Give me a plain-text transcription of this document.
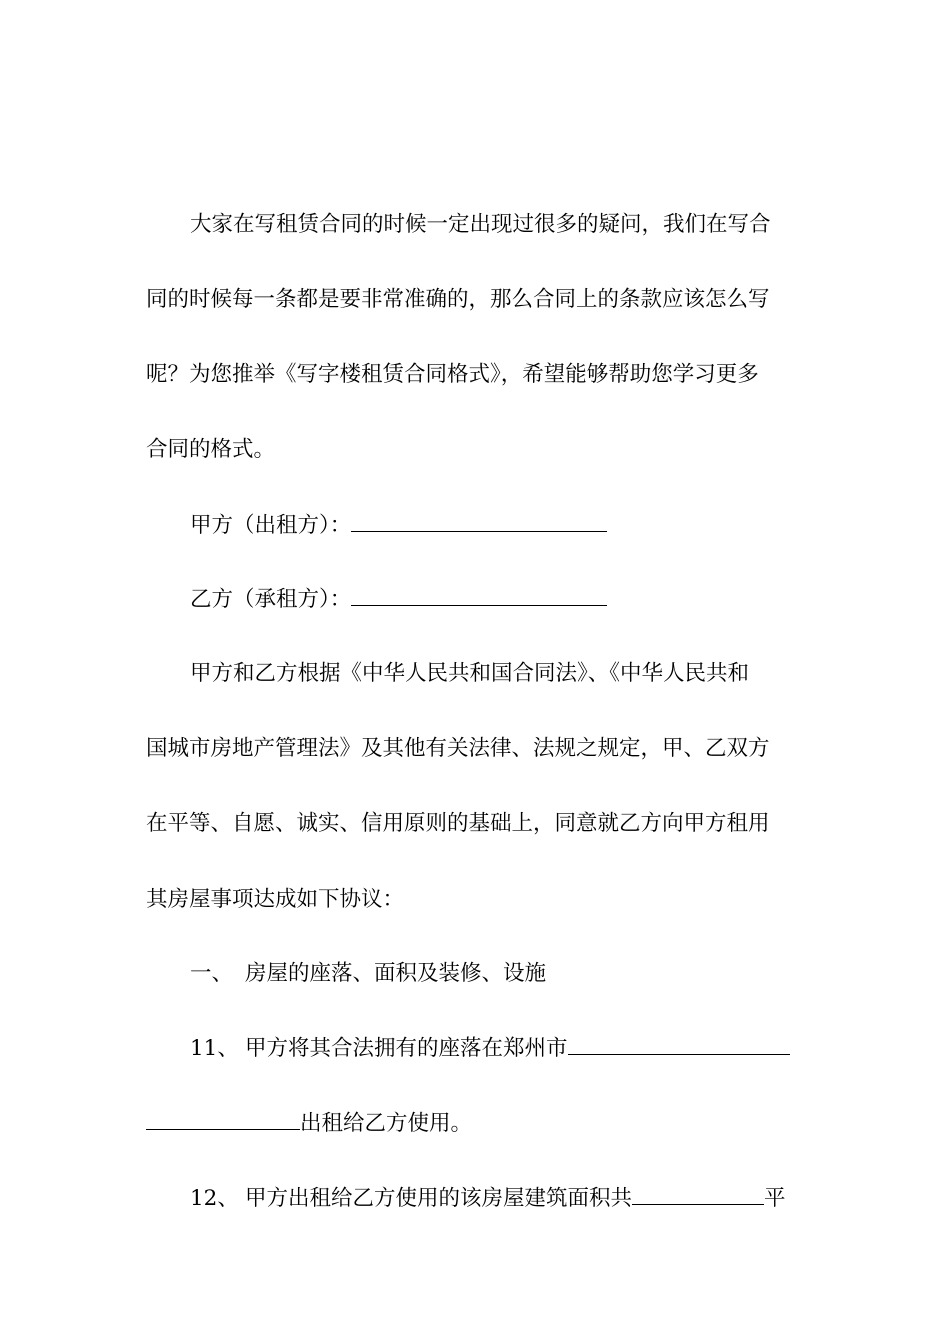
大家在写租赁合同的时候一定出现过很多的疑问，我们在写合
同的时候每一条都是要非常准确的，那么合同上的条款应该怎么写
呢？为您推举《写字楼租赁合同格式》，希望能够帮助您学习更多
合同的格式。
甲方（出租方）：
乙方（承租方）：
甲方和乙方根据《中华人民共和国合同法》、《中华人民共和
国城市房地产管理法》及其他有关法律、法规之规定，甲、乙双方
在平等、自愿、诚实、信用原则的基础上，同意就乙方向甲方租用
其房屋事项达成如下协议：
一、 房屋的座落、面积及装修、设施
11、 甲方将其合法拥有的座落在郑州市
出租给乙方使用。
12、 甲方出租给乙方使用的该房屋建筑面积共	平
